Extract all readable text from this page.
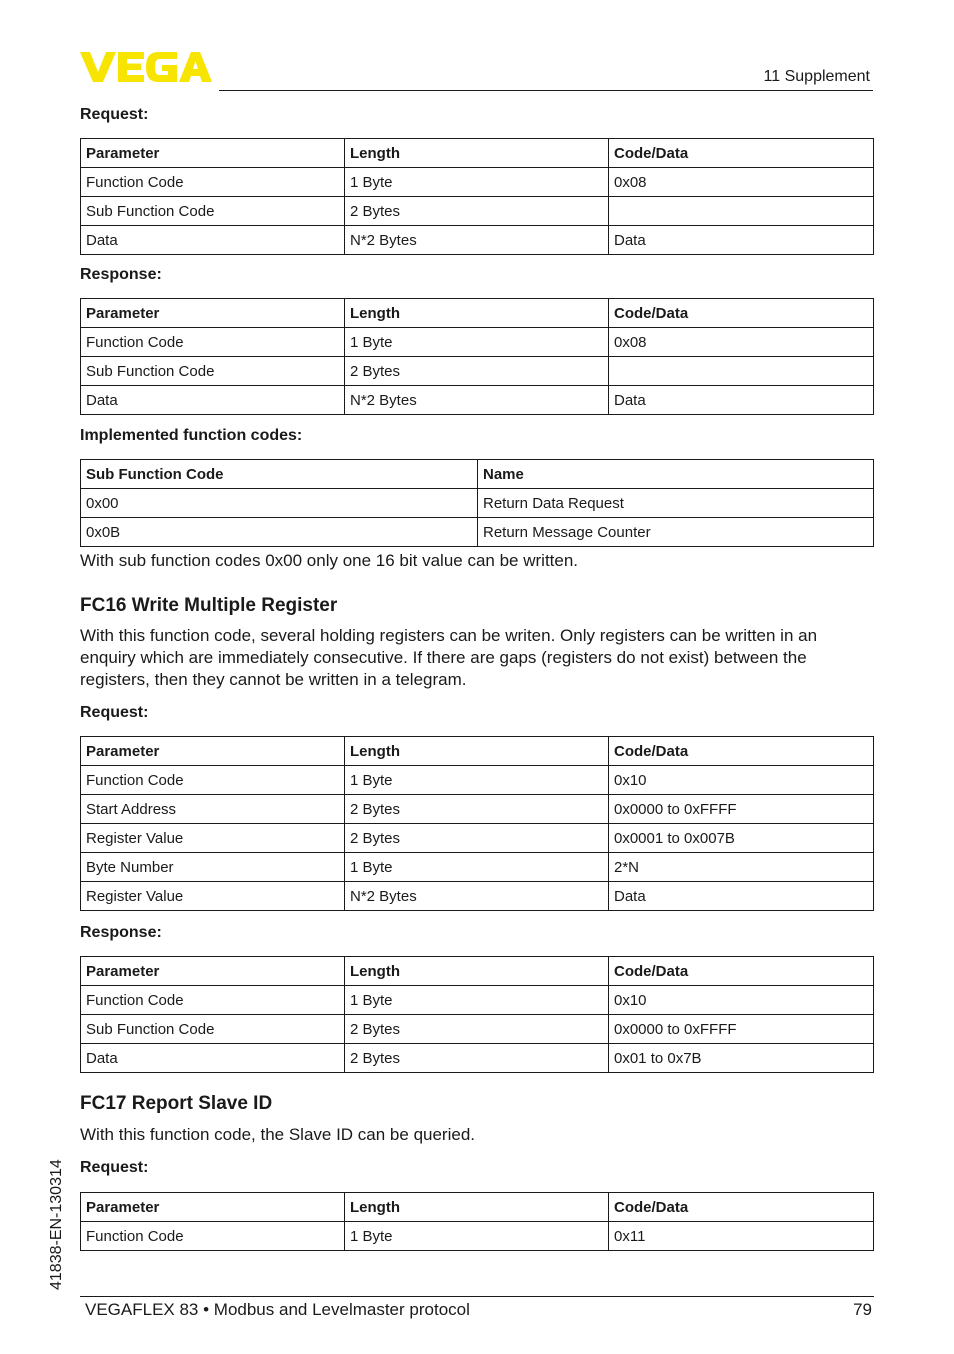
11 Supplement
Request:
Parameter	Length	Code/Data
Function Code	1 Byte	0x08
Sub Function Code	2 Bytes	
Data	N*2 Bytes	Data
Response:
Parameter	Length	Code/Data
Function Code	1 Byte	0x08
Sub Function Code	2 Bytes	
Data	N*2 Bytes	Data
Implemented function codes:
Sub Function Code	Name
0x00	Return Data Request
0x0B	Return Message Counter
With sub function codes 0x00 only one 16 bit value can be written.
FC16 Write Multiple Register
With this function code, several holding registers can be writen. Only registers can be written in an enquiry which are immediately consecutive. If there are gaps (registers do not exist) between the registers, then they cannot be written in a telegram.
Request:
Parameter	Length	Code/Data
Function Code	1 Byte	0x10
Start Address	2 Bytes	0x0000 to 0xFFFF
Register Value	2 Bytes	0x0001 to 0x007B
Byte Number	1 Byte	2*N
Register Value	N*2 Bytes	Data
Response:
Parameter	Length	Code/Data
Function Code	1 Byte	0x10
Sub Function Code	2 Bytes	0x0000 to 0xFFFF
Data	2 Bytes	0x01 to 0x7B
FC17 Report Slave ID
With this function code, the Slave ID can be queried.
Request:
Parameter	Length	Code/Data
Function Code	1 Byte	0x11
41838-EN-130314
VEGAFLEX 83 • Modbus and Levelmaster protocol	79
